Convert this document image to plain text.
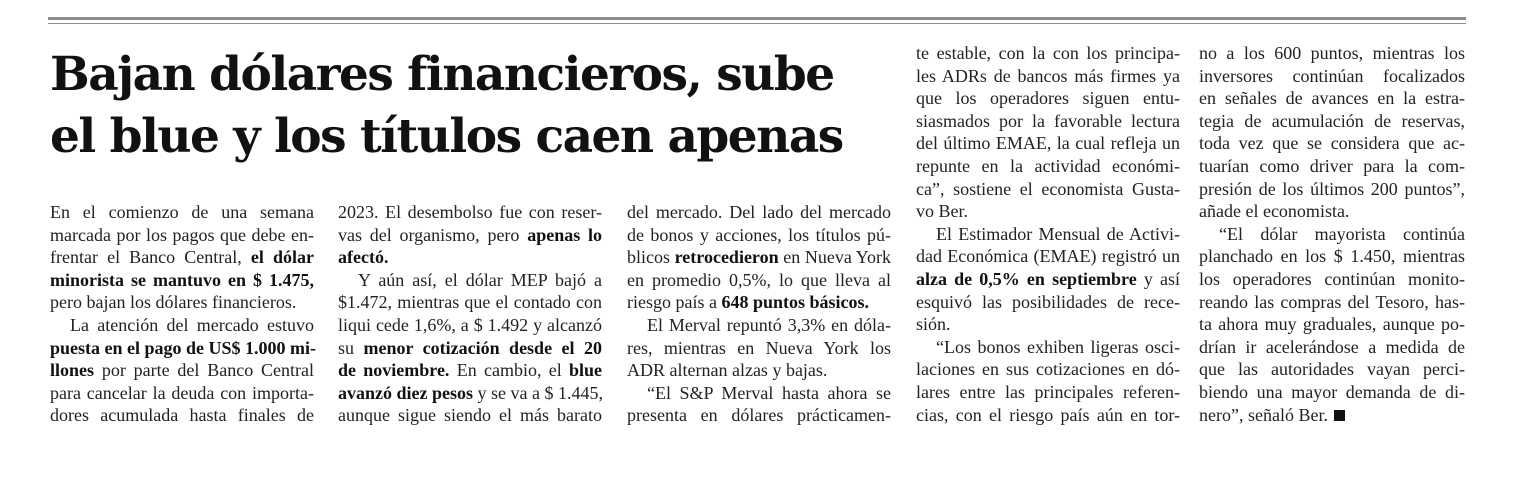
Bajan dólares financieros, sube
el blue y los títulos caen apenas
En el comienzo de una semana
marcada por los pagos que debe en-
frentar el Banco Central, el dólar
minorista se mantuvo en $ 1.475,
pero bajan los dólares financieros.
La atención del mercado estuvo
puesta en el pago de US$ 1.000 mi-
llones por parte del Banco Central
para cancelar la deuda con importa-
dores acumulada hasta finales de
2023. El desembolso fue con reser-
vas del organismo, pero apenas lo
afectó.
Y aún así, el dólar MEP bajó a
$1.472, mientras que el contado con
liqui cede 1,6%, a $ 1.492 y alcanzó
su menor cotización desde el 20
de noviembre. En cambio, el blue
avanzó diez pesos y se va a $ 1.445,
aunque sigue siendo el más barato
del mercado. Del lado del mercado
de bonos y acciones, los títulos pú-
blicos retrocedieron en Nueva York
en promedio 0,5%, lo que lleva al
riesgo país a 648 puntos básicos.
El Merval repuntó 3,3% en dóla-
res, mientras en Nueva York los
ADR alternan alzas y bajas.
“El S&P Merval hasta ahora se
presenta en dólares prácticamen-
te estable, con la con los principa-
les ADRs de bancos más firmes ya
que los operadores siguen entu-
siasmados por la favorable lectura
del último EMAE, la cual refleja un
repunte en la actividad económi-
ca”, sostiene el economista Gusta-
vo Ber.
El Estimador Mensual de Activi-
dad Económica (EMAE) registró un
alza de 0,5% en septiembre y así
esquivó las posibilidades de rece-
sión.
“Los bonos exhiben ligeras osci-
laciones en sus cotizaciones en dó-
lares entre las principales referen-
cias, con el riesgo país aún en tor-
no a los 600 puntos, mientras los
inversores continúan focalizados
en señales de avances en la estra-
tegia de acumulación de reservas,
toda vez que se considera que ac-
tuarían como driver para la com-
presión de los últimos 200 puntos”,
añade el economista.
“El dólar mayorista continúa
planchado en los $ 1.450, mientras
los operadores continúan monito-
reando las compras del Tesoro, has-
ta ahora muy graduales, aunque po-
drían ir acelerándose a medida de
que las autoridades vayan perci-
biendo una mayor demanda de di-
nero”, señaló Ber.
